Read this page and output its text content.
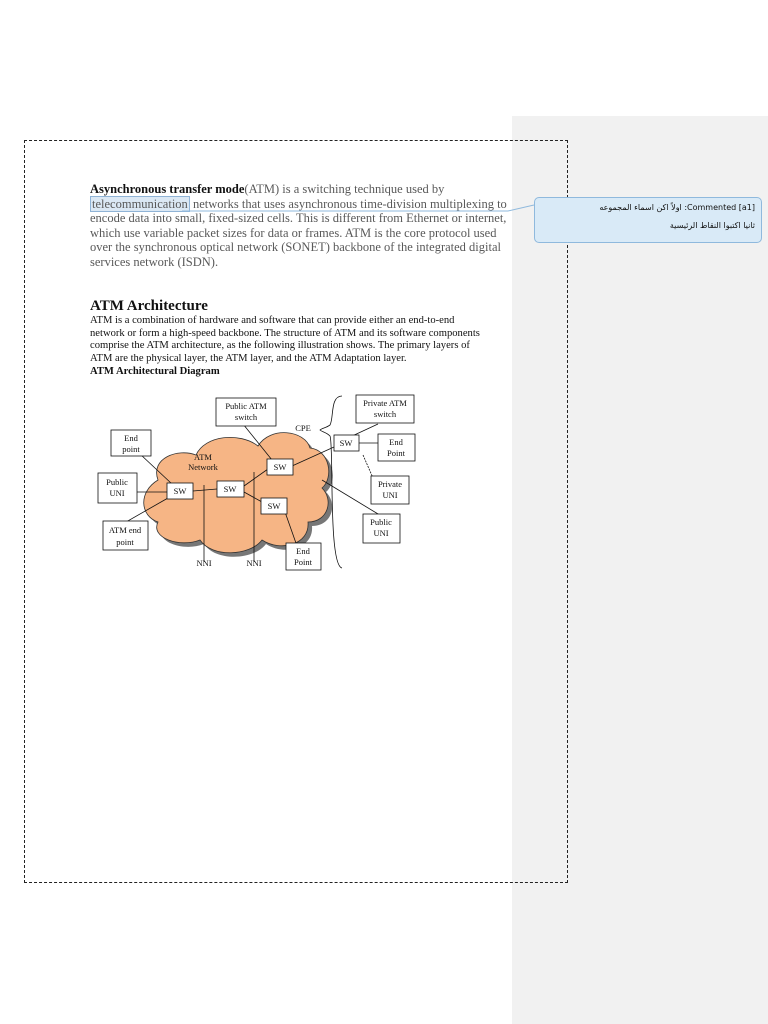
Asynchronous transfer mode(ATM) is a switching technique used by
telecommunication networks that uses asynchronous time-division multiplexing to
encode data into small, fixed-sized cells. This is different from Ethernet or internet,
which use variable packet sizes for data or frames. ATM is the core protocol used
over the synchronous optical network (SONET) backbone of the integrated digital
services network (ISDN).
ATM Architecture
ATM is a combination of hardware and software that can provide either an end-to-end
network or form a high-speed backbone. The structure of ATM and its software components
comprise the ATM architecture, as the following illustration shows. The primary layers of
ATM are the physical layer, the ATM layer, and the ATM Adaptation layer.
ATM Architectural Diagram
Public ATM
switch
Private ATM
switch
CPE
End
point
ATM
Network
Public
UNI	SW	SW
SW
SW
SW	End
Point
Private
UNI
Public
UNI
ATM end
point
End
Point
NNI	NNI
Commented [a1]: اولاً اكن اسماء المجموعه
ثانيا اكتبوا النقاط الرئيسية
